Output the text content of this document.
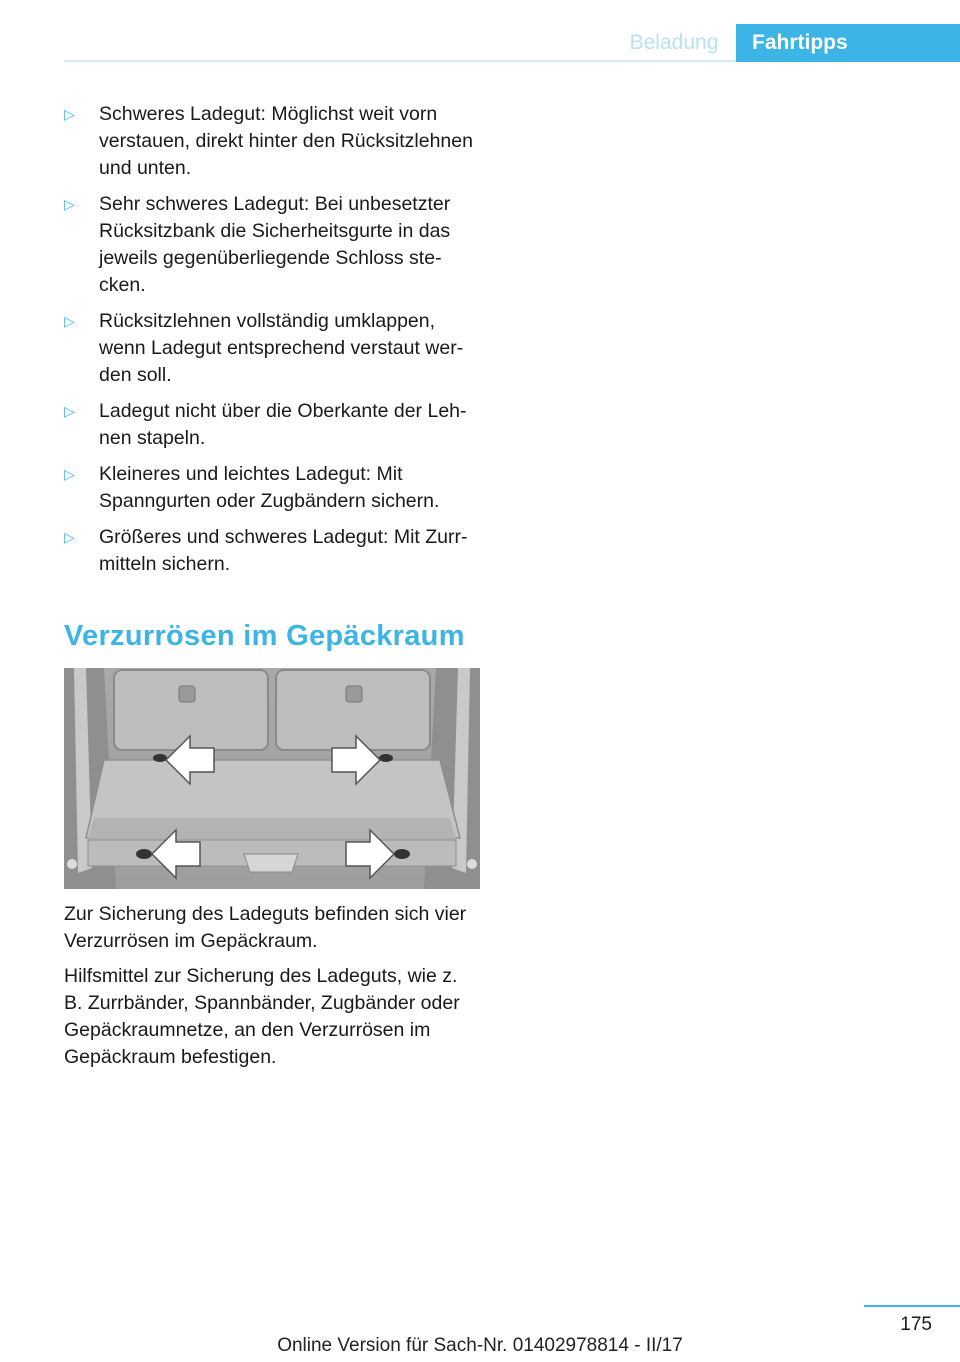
Beladung	Fahrtipps
▷ Schweres Ladegut: Möglichst weit vorn verstauen, direkt hinter den Rücksitzlehnen und unten.
▷ Sehr schweres Ladegut: Bei unbesetzter Rücksitzbank die Sicherheitsgurte in das jeweils gegenüberliegende Schloss stecken.
▷ Rücksitzlehnen vollständig umklappen, wenn Ladegut entsprechend verstaut werden soll.
▷ Ladegut nicht über die Oberkante der Lehnen stapeln.
▷ Kleineres und leichtes Ladegut: Mit Spanngurten oder Zugbändern sichern.
▷ Größeres und schweres Ladegut: Mit Zurrmitteln sichern.
Verzurrösen im Gepäckraum

Zur Sicherung des Ladeguts befinden sich vier Verzurrösen im Gepäckraum.

Hilfsmittel zur Sicherung des Ladeguts, wie z. B. Zurrbänder, Spannbänder, Zugbänder oder Gepäckraumnetze, an den Verzurrösen im Gepäckraum befestigen.

175
Online Version für Sach-Nr. 01402978814 - II/17
